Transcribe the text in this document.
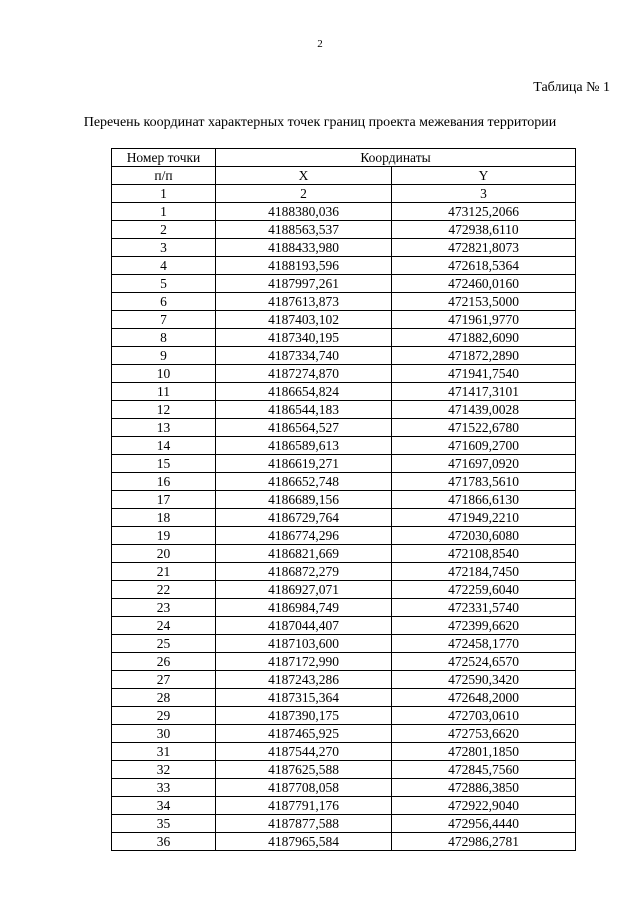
2
Таблица № 1
Перечень координат характерных точек границ проекта межевания территории
Номер точки	Координаты	
п/п	X	Y
1	2	3
1	4188380,036	473125,2066
2	4188563,537	472938,6110
3	4188433,980	472821,8073
4	4188193,596	472618,5364
5	4187997,261	472460,0160
6	4187613,873	472153,5000
7	4187403,102	471961,9770
8	4187340,195	471882,6090
9	4187334,740	471872,2890
10	4187274,870	471941,7540
11	4186654,824	471417,3101
12	4186544,183	471439,0028
13	4186564,527	471522,6780
14	4186589,613	471609,2700
15	4186619,271	471697,0920
16	4186652,748	471783,5610
17	4186689,156	471866,6130
18	4186729,764	471949,2210
19	4186774,296	472030,6080
20	4186821,669	472108,8540
21	4186872,279	472184,7450
22	4186927,071	472259,6040
23	4186984,749	472331,5740
24	4187044,407	472399,6620
25	4187103,600	472458,1770
26	4187172,990	472524,6570
27	4187243,286	472590,3420
28	4187315,364	472648,2000
29	4187390,175	472703,0610
30	4187465,925	472753,6620
31	4187544,270	472801,1850
32	4187625,588	472845,7560
33	4187708,058	472886,3850
34	4187791,176	472922,9040
35	4187877,588	472956,4440
36	4187965,584	472986,2781
